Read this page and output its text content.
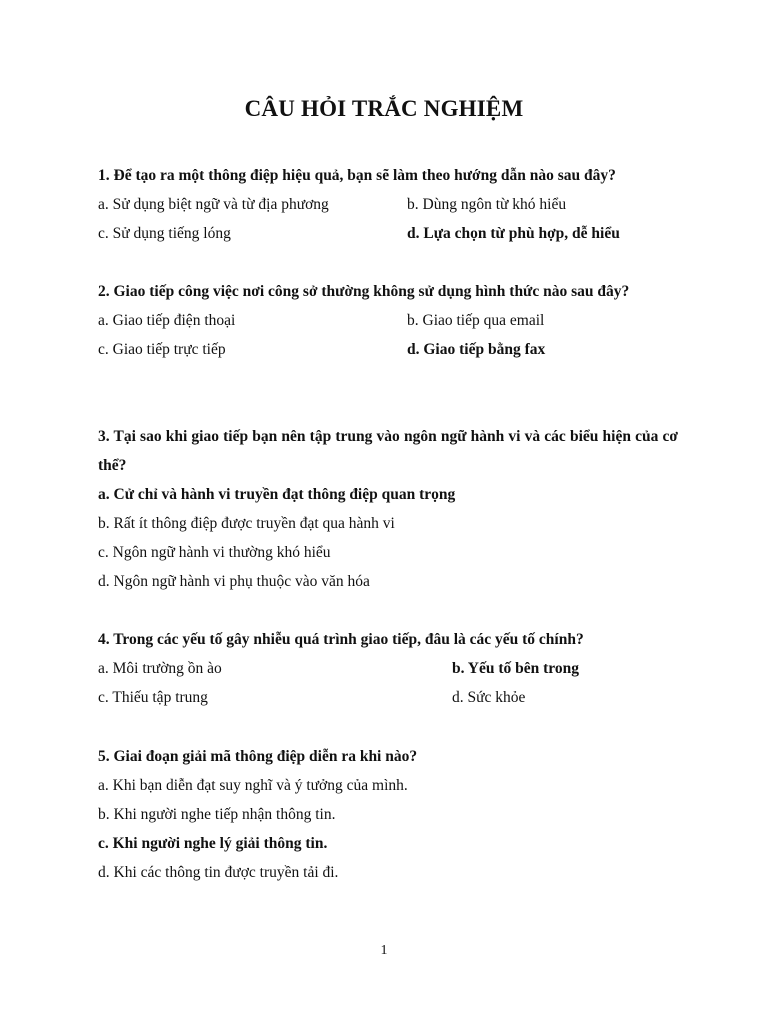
CÂU HỎI TRẮC NGHIỆM
1. Để tạo ra một thông điệp hiệu quả, bạn sẽ làm theo hướng dẫn nào sau đây?
a. Sử dụng biệt ngữ và từ địa phương	b. Dùng ngôn từ khó hiểu
c. Sử dụng tiếng lóng	d. Lựa chọn từ phù hợp, dễ hiểu
2. Giao tiếp công việc nơi công sở thường không sử dụng hình thức nào sau đây?
a. Giao tiếp điện thoại	b. Giao tiếp qua email
c. Giao tiếp trực tiếp	d. Giao tiếp bằng fax
3. Tại sao khi giao tiếp bạn nên tập trung vào ngôn ngữ hành vi và các biểu hiện của cơ thể?
a. Cử chỉ và hành vi truyền đạt thông điệp quan trọng
b. Rất ít thông điệp được truyền đạt qua hành vi
c. Ngôn ngữ hành vi thường khó hiểu
d. Ngôn ngữ hành vi phụ thuộc vào văn hóa
4. Trong các yếu tố gây nhiễu quá trình giao tiếp, đâu là các yếu tố chính?
a. Môi trường ồn ào	b. Yếu tố bên trong
c. Thiếu tập trung	d. Sức khỏe
5. Giai đoạn giải mã thông điệp diễn ra khi nào?
a. Khi bạn diễn đạt suy nghĩ và ý tưởng của mình.
b. Khi người nghe tiếp nhận thông tin.
c. Khi người nghe lý giải thông tin.
d. Khi các thông tin được truyền tải đi.
1
